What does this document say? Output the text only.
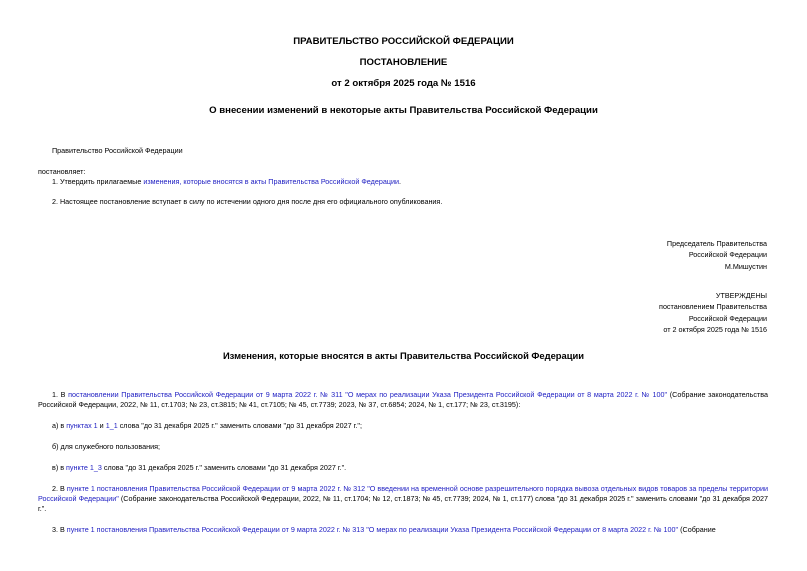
ПРАВИТЕЛЬСТВО РОССИЙСКОЙ ФЕДЕРАЦИИ
ПОСТАНОВЛЕНИЕ
от 2 октября 2025 года № 1516
О внесении изменений в некоторые акты Правительства Российской Федерации
Правительство Российской Федерации
постановляет:
1. Утвердить прилагаемые изменения, которые вносятся в акты Правительства Российской Федерации.
2. Настоящее постановление вступает в силу по истечении одного дня после дня его официального опубликования.
Председатель Правительства
Российской Федерации
М.Мишустин
УТВЕРЖДЕНЫ
постановлением Правительства
Российской Федерации
от 2 октября 2025 года № 1516
Изменения, которые вносятся в акты Правительства Российской Федерации
1. В постановлении Правительства Российской Федерации от 9 марта 2022 г. № 311 "О мерах по реализации Указа Президента Российской Федерации от 8 марта 2022 г. № 100" (Собрание законодательства Российской Федерации, 2022, № 11, ст.1703; № 23, ст.3815; № 41, ст.7105; № 45, ст.7739; 2023, № 37, ст.6854; 2024, № 1, ст.177; № 23, ст.3195):
а) в пунктах 1 и 1_1 слова "до 31 декабря 2025 г." заменить словами "до 31 декабря 2027 г.";
б) для служебного пользования;
в) в пункте 1_3 слова "до 31 декабря 2025 г." заменить словами "до 31 декабря 2027 г.".
2. В пункте 1 постановления Правительства Российской Федерации от 9 марта 2022 г. № 312 "О введении на временной основе разрешительного порядка вывоза отдельных видов товаров за пределы территории Российской Федерации" (Собрание законодательства Российской Федерации, 2022, № 11, ст.1704; № 12, ст.1873; № 45, ст.7739; 2024, № 1, ст.177) слова "до 31 декабря 2025 г." заменить словами "до 31 декабря 2027 г.".
3. В пункте 1 постановления Правительства Российской Федерации от 9 марта 2022 г. № 313 "О мерах по реализации Указа Президента Российской Федерации от 8 марта 2022 г. № 100" (Собрание
